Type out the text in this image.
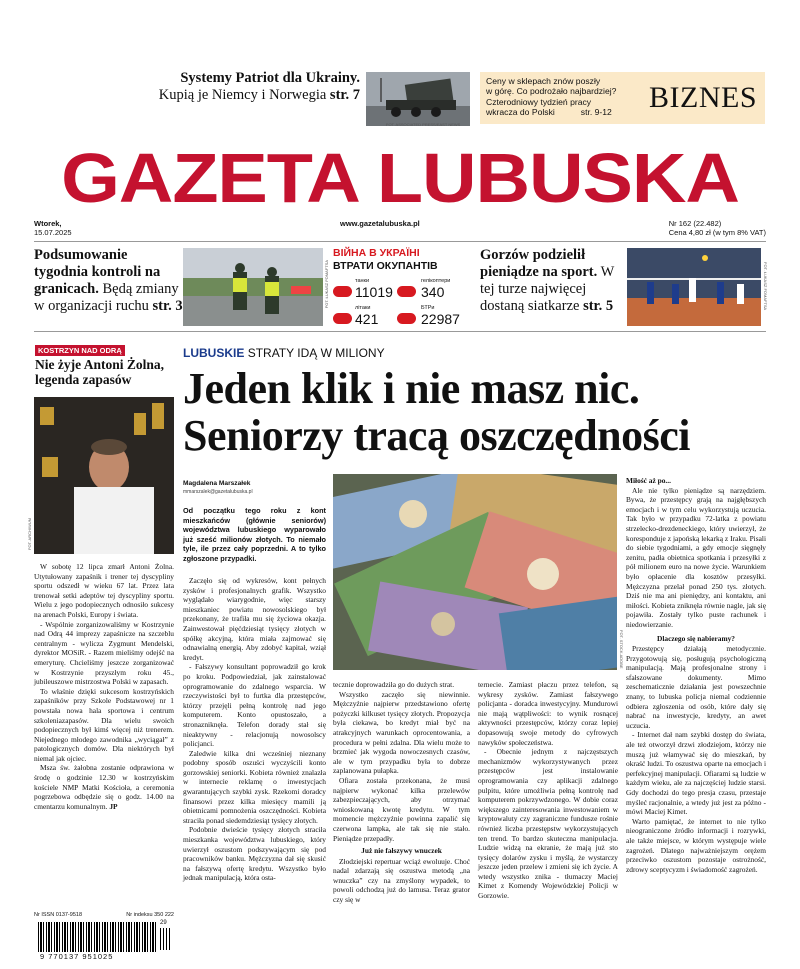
Systemy Patriot dla Ukrainy.
Kupią je Niemcy i Norwegia str. 7
FOT. ASSOCIATED PRESS/EAST NEWS
Ceny w sklepach znów poszły
w górę. Co podrożało najbardziej?
Czterodniowy tydzień pracy
wkracza do Polski	str. 9-12	BIZNES
GAZETA LUBUSKA
Wtorek,
15.07.2025
www.gazetalubuska.pl	Nr 162 (22.482)
Cena 4,80 zł (w tym 8% VAT)
Podsumowanie tygodnia kontroli na granicach. Będą zmiany w organizacji ruchu str. 3	FOT. ŁUKASZ FOMAFTSA
ВІЙНА В УКРАЇНІ
ВТРАТИ ОКУПАНТІВ
танки
11019
гелікоптери
340
літаки
421
БТРи
22987
Gorzów podzielił pieniądze na sport. W tej turze najwięcej dostaną siatkarze str. 5	FOT. ŁUKASZ FOMAFTSA
KOSTRZYN NAD ODRĄ
Nie żyje Antoni Żolna, legenda zapasów
FOT. ARCHIWUM

W sobotę 12 lipca zmarł Antoni Żolna. Utytułowany zapaśnik i trener tej dyscypliny sportu odszedł w wieku 67 lat. Przez lata trenował setki adeptów tej dyscypliny sportu. Wielu z jego podopiecznych odnosiło sukcesy na arenach Polski, Europy i świata.

- Wspólnie zorganizowaliśmy w Kostrzynie nad Odrą 44 imprezy zapaśnicze na szczeblu centralnym - wylicza Zygmunt Mendelski, dyrektor MOSiR. - Razem mieliśmy odejść na emeryturę. Chcieliśmy jeszcze zorganizować w Kostrzynie przyszłym roku 45., jubileuszowe mistrzostwa Polski w zapasach.

To właśnie dzięki sukcesom kostrzyńskich zapaśników przy Szkole Podstawowej nr 1 powstała nowa hala sportowa i centrum szkoleniazapasów. Dla wielu swoich podopiecznych był kimś więcej niż trenerem. Niejednego młodego zawodnika „wyciągał” z patologicznych domów. Dla niektórych był niemal jak ojciec.

Msza św. żałobna zostanie odprawiona w środę o godzinie 12.30 w kostrzyńskim kościele NMP Matki Kościoła, a ceremonia pogrzebowa odbędzie się o godz. 14.00 na cmentarzu komunalnym. JP

Nr ISSN 0137-9518	Nr indeksu 350 222
29
9 770137 951025
LUBUSKIE STRATY IDĄ W MILIONY
Jeden klik i nie masz nic.
Seniorzy tracą oszczędności
Magdalena Marszałek
mmarszalek@gazetalubuska.pl
Od początku tego roku z kont mieszkańców (głównie seniorów) województwa lubuskiego wyparowało już sześć milionów złotych. To niemało tyle, ile przez cały poprzedni. A to tylko zgłoszone przypadki.
FOT. STOCK.ADOBE

Zaczęło się od wykresów, kont pełnych zysków i profesjonalnych grafik. Wszystko wyglądało wiarygodnie, więc starszy mieszkaniec powiatu nowosolskiego był przekonany, że trafiła mu się życiowa okazja. Zainwestował pięćdziesiąt tysięcy złotych w spółkę akcyjną, która miała zajmować się odnawialną energią. Aby zdobyć kapitał, wziął kredyt.

- Fałszywy konsultant poprowadził go krok po kroku. Podpowiedział, jak zainstalować oprogramowanie do zdalnego wsparcia. W rzeczywistości był to furtka dla przestępców, którzy przejęli pełną kontrolę nad jego komputerem. Konto opustoszało, a stronazniknęła. Telefon dorady stał się nieaktywny - relacjonują nowosolscy policjanci.

Zaledwie kilka dni wcześniej nieznany podobny sposób oszuści wyczyścili konto gorzowskiej seniorki. Kobieta również znalazła w internecie reklamę o inwestycjach gwarantujących szybki zysk. Rzekomi doradcy finansowi przez kilka miesięcy mamili ją obietnicami pomnożenia oszczędności. Kobieta straciła ponad siedemdziesiąt tysięcy złotych.

Podobnie dwieście tysięcy złotych straciła mieszkanka województwa lubuskiego, który uwierzył oszustom podszywającym się pod pracowników banku. Mężczyzna dał się skusić na fałszywą ofertę kredytu. Wszystko było jednak manipulacją, która osta-

tecznie doprowadziła go do dużych strat.

Wszystko zaczęło się niewinnie. Mężczyźnie najpierw przedstawiono ofertę pożyczki kilkuset tysięcy złotych. Propozycja była ciekawa, bo kredyt miał być na atrakcyjnych warunkach oprocentowania, a procedura w pełni zdalna. Dla wielu może to brzmieć jak wygoda nowoczesnych czasów, ale w tym przypadku była to dobrze zaplanowana pułapka.

Ofiara została przekonana, że musi najpierw wykonać kilka przelewów zabezpieczających, aby otrzymać wnioskowaną kwotę kredytu. W tym momencie mężczyźnie powinna zapalić się czerwona lampka, ale tak się nie stało. Pieniądze przepadły.

Już nie fałszywy wnuczek

Złodziejski repertuar wciąż ewoluuje. Choć nadal zdarzają się oszustwa metodą „na wnuczka” czy na zmyślony wypadek, to powoli odchodzą już do lamusa. Teraz grator czy się w

ternecie. Zamiast płaczu przez telefon, są wykresy zysków. Zamiast fałszywego policjanta - doradca inwestycyjny. Mundurowi nie mają wątpliwości: to wynik rosnącej aktywności przestępców, którzy coraz lepiej dopasowują swoje metody do cyfrowych nawyków społeczeństwa.

- Obecnie jednym z najczęstszych mechanizmów wykorzystywanych przez przestępców jest instalowanie oprogramowania czy aplikacji zdalnego pulpitu, które umożliwia pełną kontrolę nad komputerem pokrzywdzonego. W dobie coraz większego zainteresowania inwestowaniem w kryptowaluty czy zagraniczne fundusze rośnie również liczba przestępstw wykorzystujących ten trend. To bardzo skuteczna manipulacja. Ludzie widzą na ekranie, że mają już sto tysięcy dolarów zysku i myślą, że wystarczy jeszcze jeden przelew i zmieni się ich życie. A wtedy wszystko znika - tłumaczy Maciej Kimet z Komendy Wojewódzkiej Policji w Gorzowie.

Miłość aż po...

Ale nie tylko pieniądze są narzędziem. Bywa, że przestępcy grają na najgłębszych emocjach i w tym celu wykorzystują uczucia. Tak było w przypadku 72-latka z powiatu strzelecko-drezdeneckiego, który uwierzył, że koresponduje z japońską lekarką z Iraku. Pisali do siebie tygodniami, a gdy emocje sięgnęły zenitu, padła obietnica spotkania i przesyłki z pół milionem euro na nowe życie. Warunkiem było opłacenie dla kosztów przesyłki. Mężczyzna przelał ponad 250 tys. złotych. Dziś nie ma ani pieniędzy, ani kontaktu, ani miłości. Kobieta zniknęła równie nagle, jak się pojawiła. Zostały tylko puste rachunek i niedowierzanie.

Dlaczego się nabieramy?

Przestępcy działają metodycznie. Przygotowują się, posługują psychologiczną manipulacją. Mają profesjonalne strony i sfałszowane dokumenty. Mimo zeschematicznie działania jest powszechnie znany, to lubuska policja niemal codziennie odbiera zgłoszenia od osób, które dały się nabrać na inwestycje, kredyty, an awet uczucia.

- Internet dał nam szybki dostęp do świata, ale też otworzył drzwi złodziejom, którzy nie muszą już włamywać się do mieszkań, by okraść ludzi. To oszustwa oparte na emocjach i perfekcyjnej manipulacji. Ofiarami są ludzie w każdym wieku, ale za najczęściej ludzie starsi. Gdy dochodzi do tego presja czasu, przestaje myśleć racjonalnie, a wtedy już jest za późno - mówi Maciej Kimet.

Warto pamiętać, że internet to nie tylko nieograniczone źródło informacji i rozrywki, ale także miejsce, w którym występuje wiele zagrożeń. Dlatego najważniejszym orężem przeciwko oszustom pozostaje ostrożność, zdrowy sceptycyzm i świadomość zagrożeń.
